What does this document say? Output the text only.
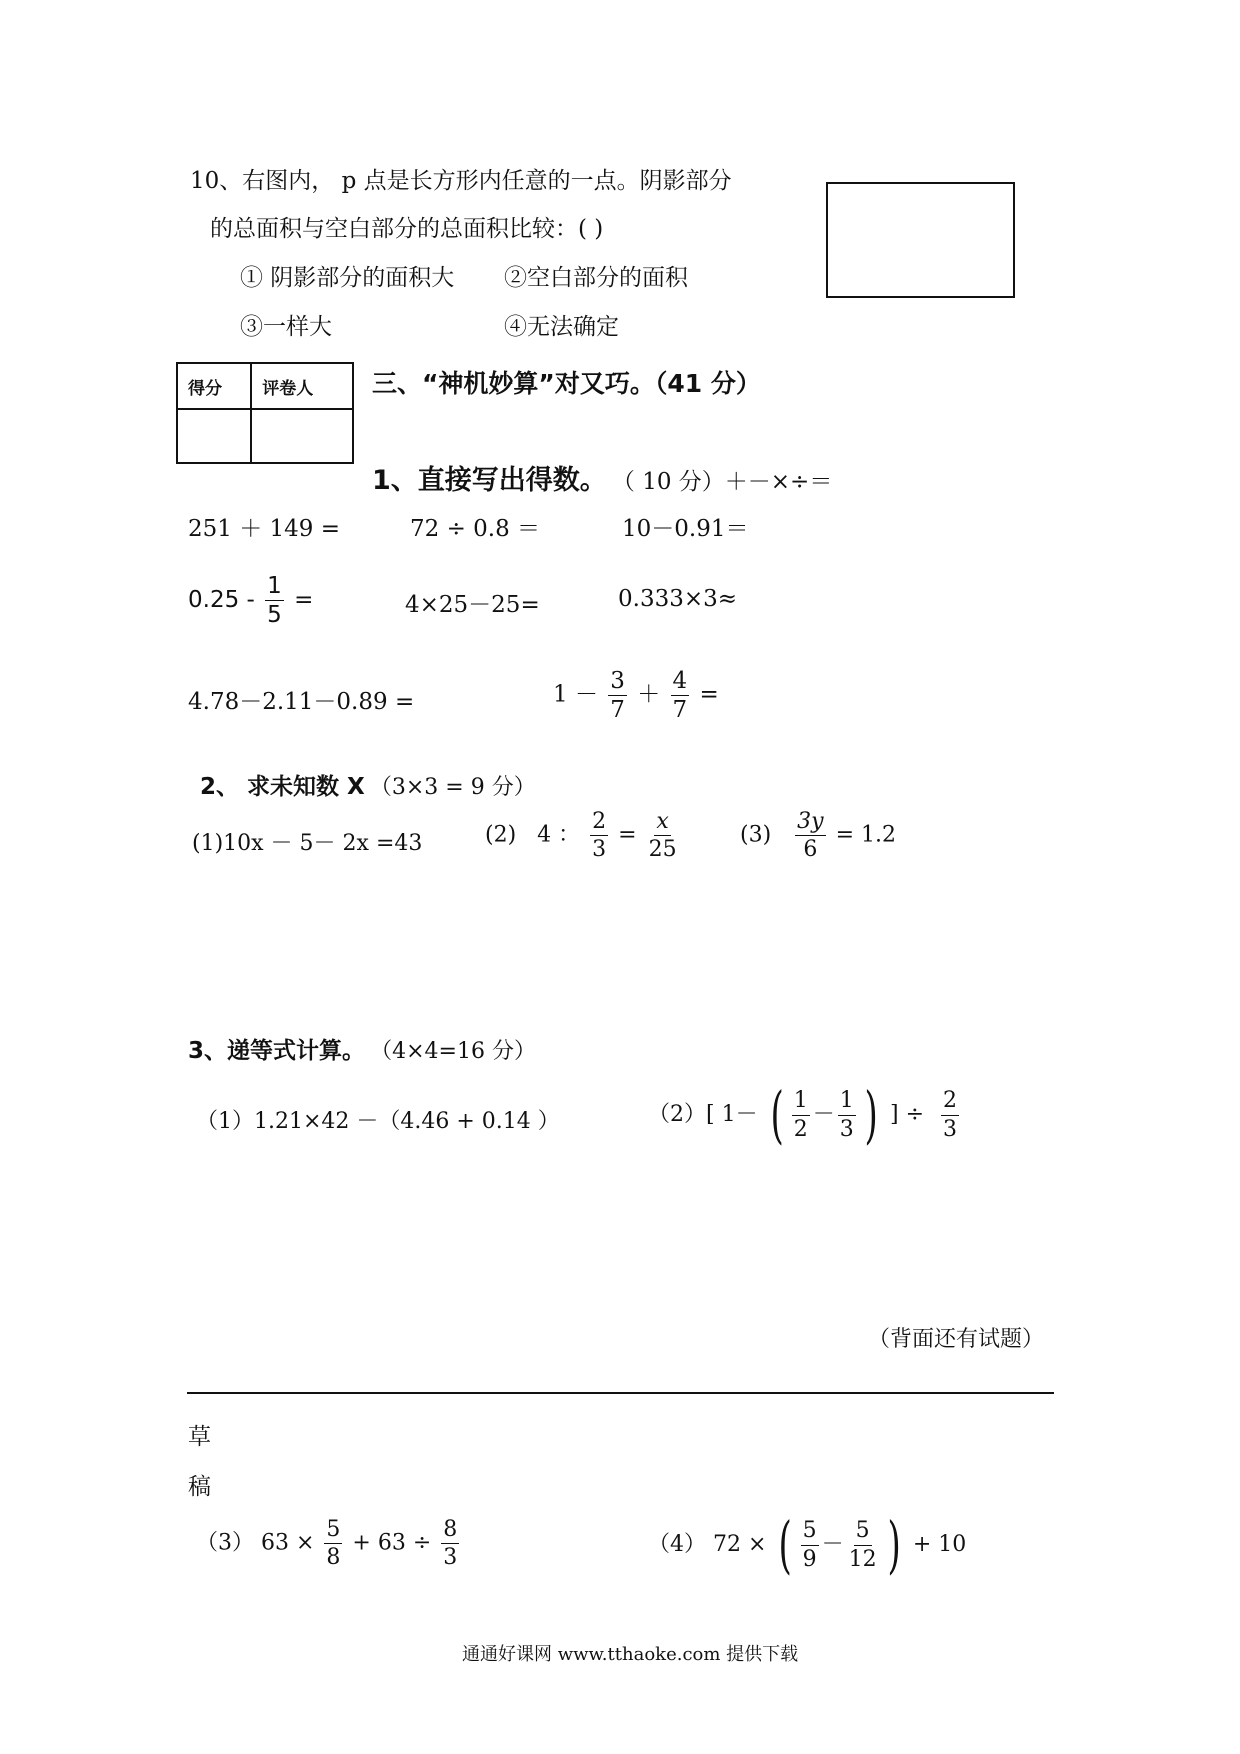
10、右图内， p 点是长方形内任意的一点。阴影部分
的总面积与空白部分的总面积比较：( )
① 阴影部分的面积大 ②空白部分的面积
③一样大	④无法确定
得分	评卷人
	三、“神机妙算”对又巧。（41 分）
1、直接写出得数。 （ 10 分）＋－×÷＝
251 ＋ 149 =	72 ÷ 0.8 ＝	10－0.91＝
$0.25 - \frac{1}{5}$ =	4×25－25=	0.333×3≈
4.78－2.11－0.89 =	$1 - \frac{3}{7} + \frac{4}{7}$ =
2、 求未知数 X （3×3 = 9 分）
(1)10x － 5－ 2x =43	(2) 4 ： $\frac{2}{3} = \frac{x}{25}$	$(3) \frac{3y}{6} = 1.2$
3、递等式计算。 （4×4=16 分）
（1）1.21×42 －（4.46 + 0.14 ）	（2）[ 1－ ( $\frac{1}{2} - \frac{1}{3}$ ) ] ÷ $\frac{2}{3}$
（背面还有试题）
草
稿
（3） $63 \times \frac{5}{8} + 63 \div \frac{8}{3}$	（4） 72 × ( $\frac{5}{9} - \frac{5}{12}$ ) + 10
通通好课网 www.tthaoke.com 提供下载
